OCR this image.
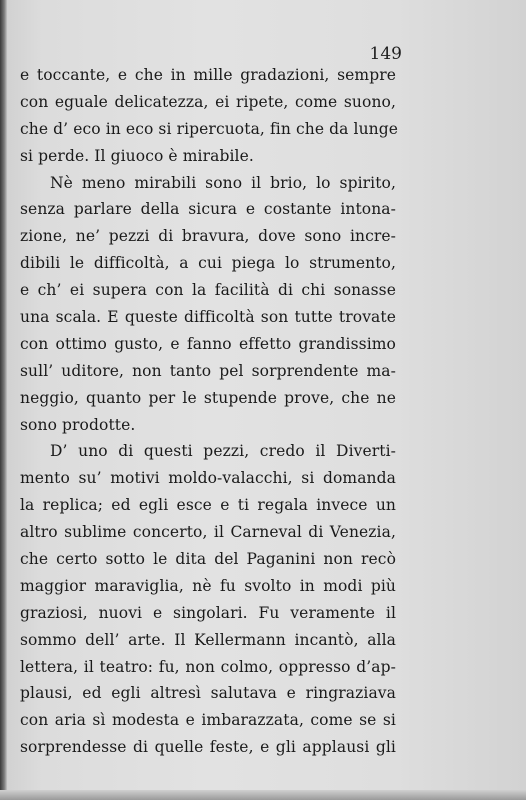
149
e toccante, e che in mille gradazioni, sempre
con eguale delicatezza, ei ripete, come suono,
che d’ eco in eco si ripercuota, fin che da lunge
si perde. Il giuoco è mirabile.
Nè meno mirabili sono il brio, lo spirito,
senza parlare della sicura e costante intona-
zione, ne’ pezzi di bravura, dove sono incre-
dibili le difficoltà, a cui piega lo strumento,
e ch’ ei supera con la facilità di chi sonasse
una scala. E queste difficoltà son tutte trovate
con ottimo gusto, e fanno effetto grandissimo
sull’ uditore, non tanto pel sorprendente ma-
neggio, quanto per le stupende prove, che ne
sono prodotte.
D’ uno di questi pezzi, credo il Diverti-
mento su’ motivi moldo-valacchi, si domanda
la replica; ed egli esce e ti regala invece un
altro sublime concerto, il Carneval di Venezia,
che certo sotto le dita del Paganini non recò
maggior maraviglia, nè fu svolto in modi più
graziosi, nuovi e singolari. Fu veramente il
sommo dell’ arte. Il Kellermann incantò, alla
lettera, il teatro: fu, non colmo, oppresso d’ap-
plausi, ed egli altresì salutava e ringraziava
con aria sì modesta e imbarazzata, come se si
sorprendesse di quelle feste, e gli applausi gli
